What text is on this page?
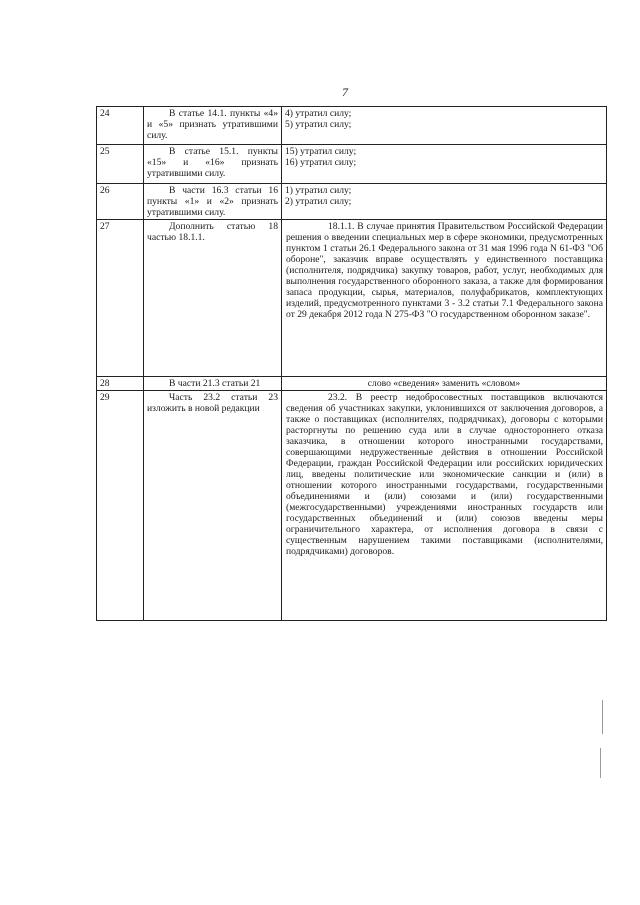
7
24	В статье 14.1. пункты «4» и «5» признать утратившими силу.	4) утратил силу;
5) утратил силу;

25	В статье 15.1. пункты «15» и «16» признать утратившими силу.	15) утратил силу;
16) утратил силу;

26	В части 16.3 статьи 16 пункты «1» и «2» признать утратившими силу.	1) утратил силу;
2) утратил силу;

27	Дополнить статью 18 частью 18.1.1.	18.1.1. В случае принятия Правительством Российской Федерации решения о введении специальных мер в сфере экономики, предусмотренных пунктом 1 статьи 26.1 Федерального закона от 31 мая 1996 года N 61-ФЗ "Об обороне", заказчик вправе осуществлять у единственного поставщика (исполнителя, подрядчика) закупку товаров, работ, услуг, необходимых для выполнения государственного оборонного заказа, а также для формирования запаса продукции, сырья, материалов, полуфабрикатов, комплектующих изделий, предусмотренного пунктами 3 - 3.2 статьи 7.1 Федерального закона от 29 декабря 2012 года N 275-ФЗ "О государственном оборонном заказе".
28	В части 21.3 статьи 21	слово «сведения» заменить «словом»
29	Часть 23.2 статьи 23 изложить в новой редакции	23.2. В реестр недобросовестных поставщиков включаются сведения об участниках закупки, уклонившихся от заключения договоров, а также о поставщиках (исполнителях, подрядчиках), договоры с которыми расторгнуты по решению суда или в случае одностороннего отказа заказчика, в отношении которого иностранными государствами, совершающими недружественные действия в отношении Российской Федерации, граждан Российской Федерации или российских юридических лиц, введены политические или экономические санкции и (или) в отношении которого иностранными государствами, государственными объединениями и (или) союзами и (или) государственными (межгосударственными) учреждениями иностранных государств или государственных объединений и (или) союзов введены меры ограничительного характера, от исполнения договора в связи с существенным нарушением такими поставщиками (исполнителями, подрядчиками) договоров.
